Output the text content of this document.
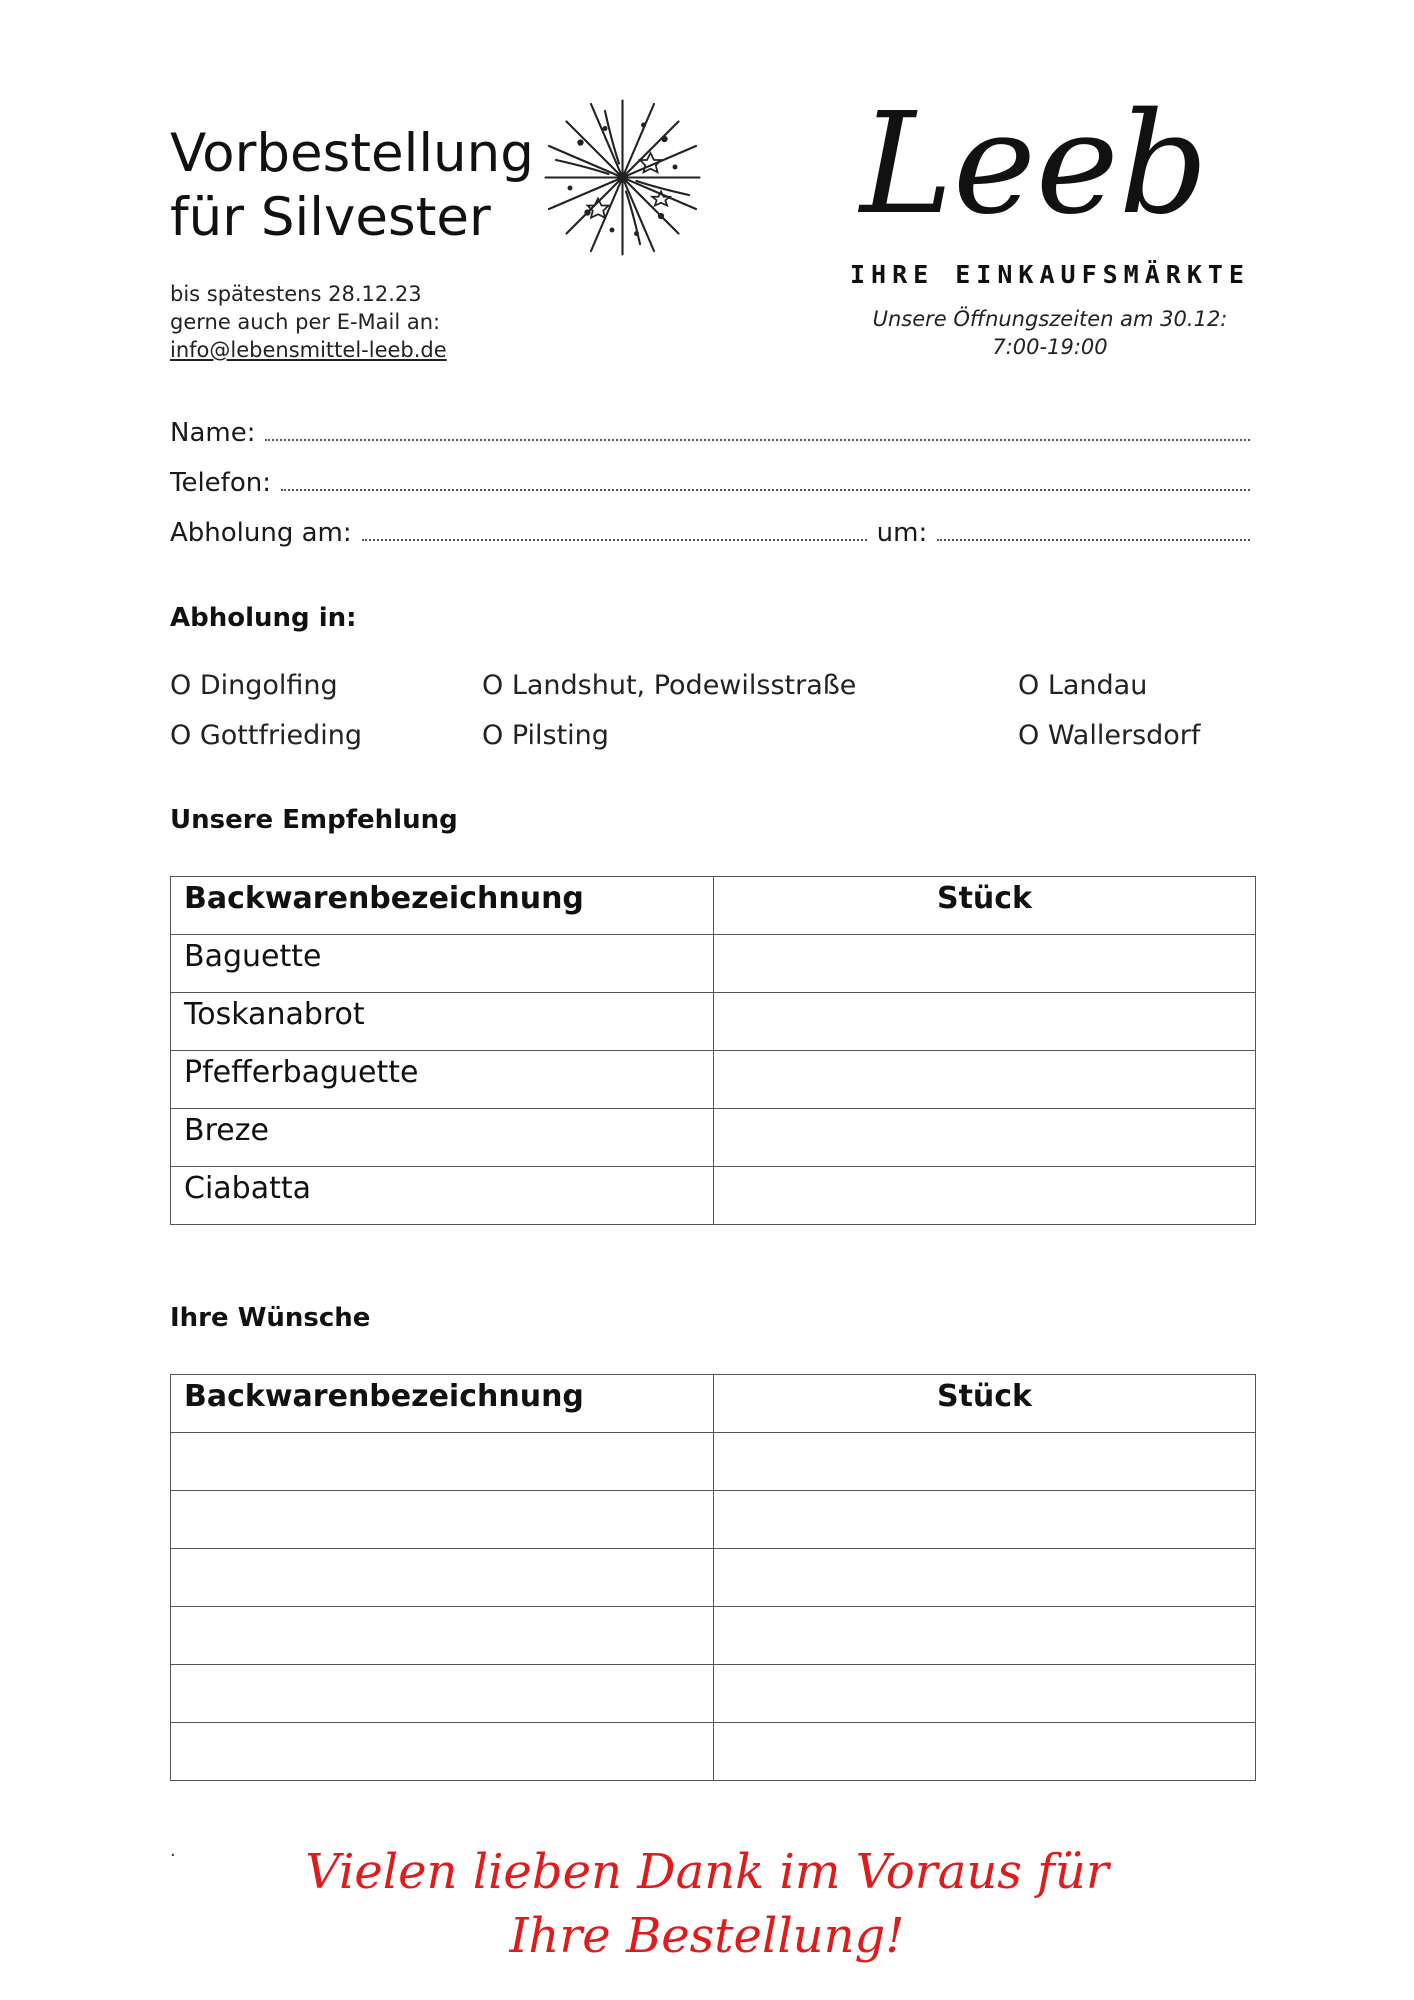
Vorbestellung
für Silvester
bis spätestens 28.12.23
gerne auch per E-Mail an:
info@lebensmittel-leeb.de
Leeb
IHRE EINKAUFSMÄRKTE
Unsere Öffnungszeiten am 30.12:
7:00-19:00
Name:
Telefon:
Abholung am:	um:
Abholung in:
O Dingolfing	O Landshut, Podewilsstraße	O Landau
O Gottfrieding	O Pilsting	O Wallersdorf
Unsere Empfehlung
Backwarenbezeichnung	Stück
Baguette	
Toskanabrot	
Pfefferbaguette	
Breze	
Ciabatta	
Ihre Wünsche
Backwarenbezeichnung	Stück

.	Vielen lieben Dank im Voraus für
Ihre Bestellung!
